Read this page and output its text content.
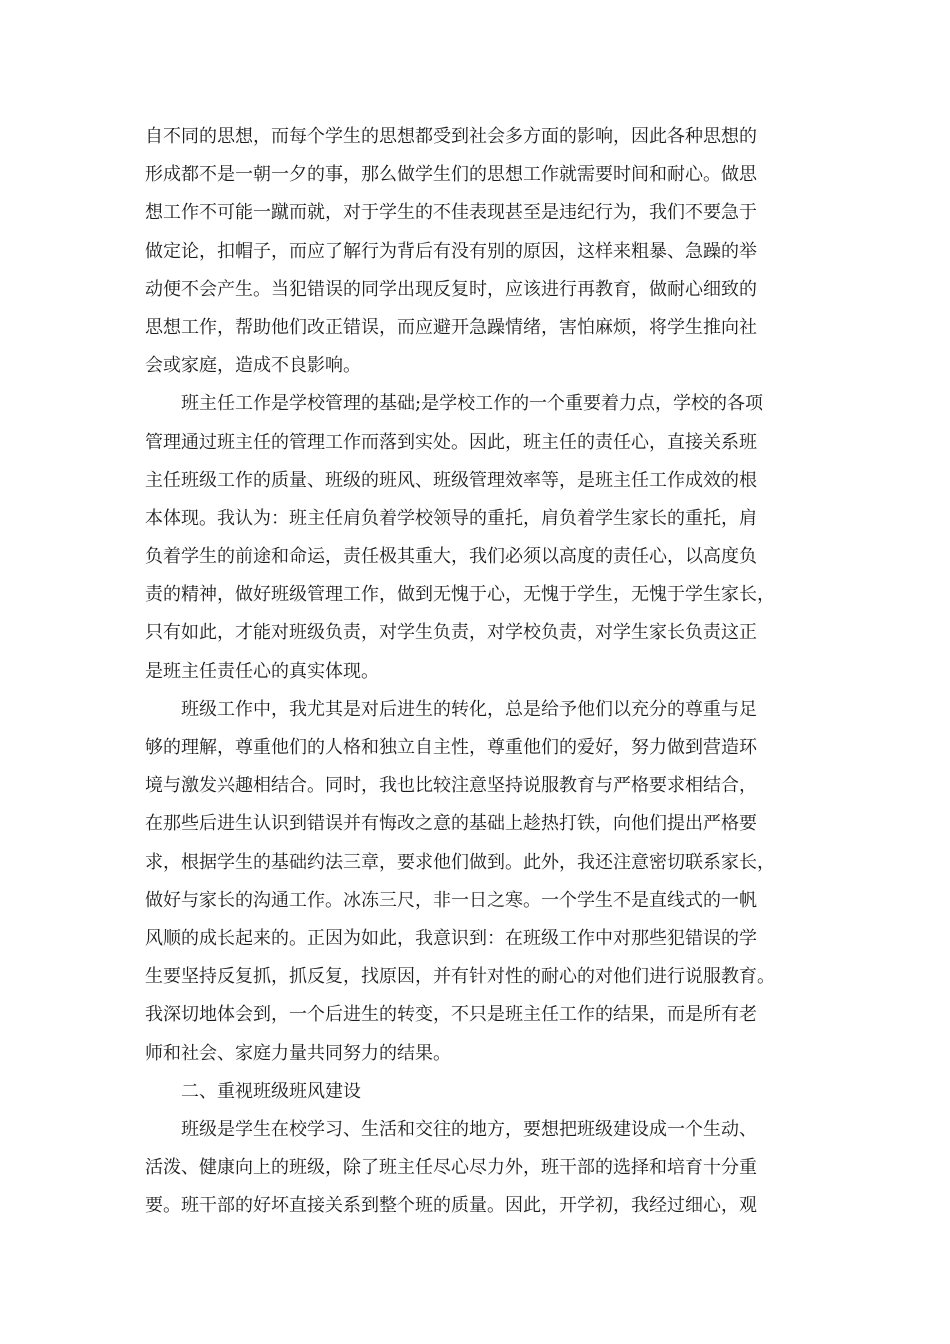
自不同的思想，而每个学生的思想都受到社会多方面的影响，因此各种思想的
形成都不是一朝一夕的事，那么做学生们的思想工作就需要时间和耐心。做思
想工作不可能一蹴而就，对于学生的不佳表现甚至是违纪行为，我们不要急于
做定论，扣帽子，而应了解行为背后有没有别的原因，这样来粗暴、急躁的举
动便不会产生。当犯错误的同学出现反复时，应该进行再教育，做耐心细致的
思想工作，帮助他们改正错误，而应避开急躁情绪，害怕麻烦，将学生推向社
会或家庭，造成不良影响。
班主任工作是学校管理的基础;是学校工作的一个重要着力点，学校的各项
管理通过班主任的管理工作而落到实处。因此，班主任的责任心，直接关系班
主任班级工作的质量、班级的班风、班级管理效率等，是班主任工作成效的根
本体现。我认为：班主任肩负着学校领导的重托，肩负着学生家长的重托，肩
负着学生的前途和命运，责任极其重大，我们必须以高度的责任心，以高度负
责的精神，做好班级管理工作，做到无愧于心，无愧于学生，无愧于学生家长，
只有如此，才能对班级负责，对学生负责，对学校负责，对学生家长负责这正
是班主任责任心的真实体现。
班级工作中，我尤其是对后进生的转化，总是给予他们以充分的尊重与足
够的理解，尊重他们的人格和独立自主性，尊重他们的爱好，努力做到营造环
境与激发兴趣相结合。同时，我也比较注意坚持说服教育与严格要求相结合，
在那些后进生认识到错误并有悔改之意的基础上趁热打铁，向他们提出严格要
求，根据学生的基础约法三章，要求他们做到。此外，我还注意密切联系家长，
做好与家长的沟通工作。冰冻三尺，非一日之寒。一个学生不是直线式的一帆
风顺的成长起来的。正因为如此，我意识到：在班级工作中对那些犯错误的学
生要坚持反复抓，抓反复，找原因，并有针对性的耐心的对他们进行说服教育。
我深切地体会到，一个后进生的转变，不只是班主任工作的结果，而是所有老
师和社会、家庭力量共同努力的结果。
二、重视班级班风建设
班级是学生在校学习、生活和交往的地方，要想把班级建设成一个生动、
活泼、健康向上的班级，除了班主任尽心尽力外，班干部的选择和培育十分重
要。班干部的好坏直接关系到整个班的质量。因此，开学初，我经过细心，观
